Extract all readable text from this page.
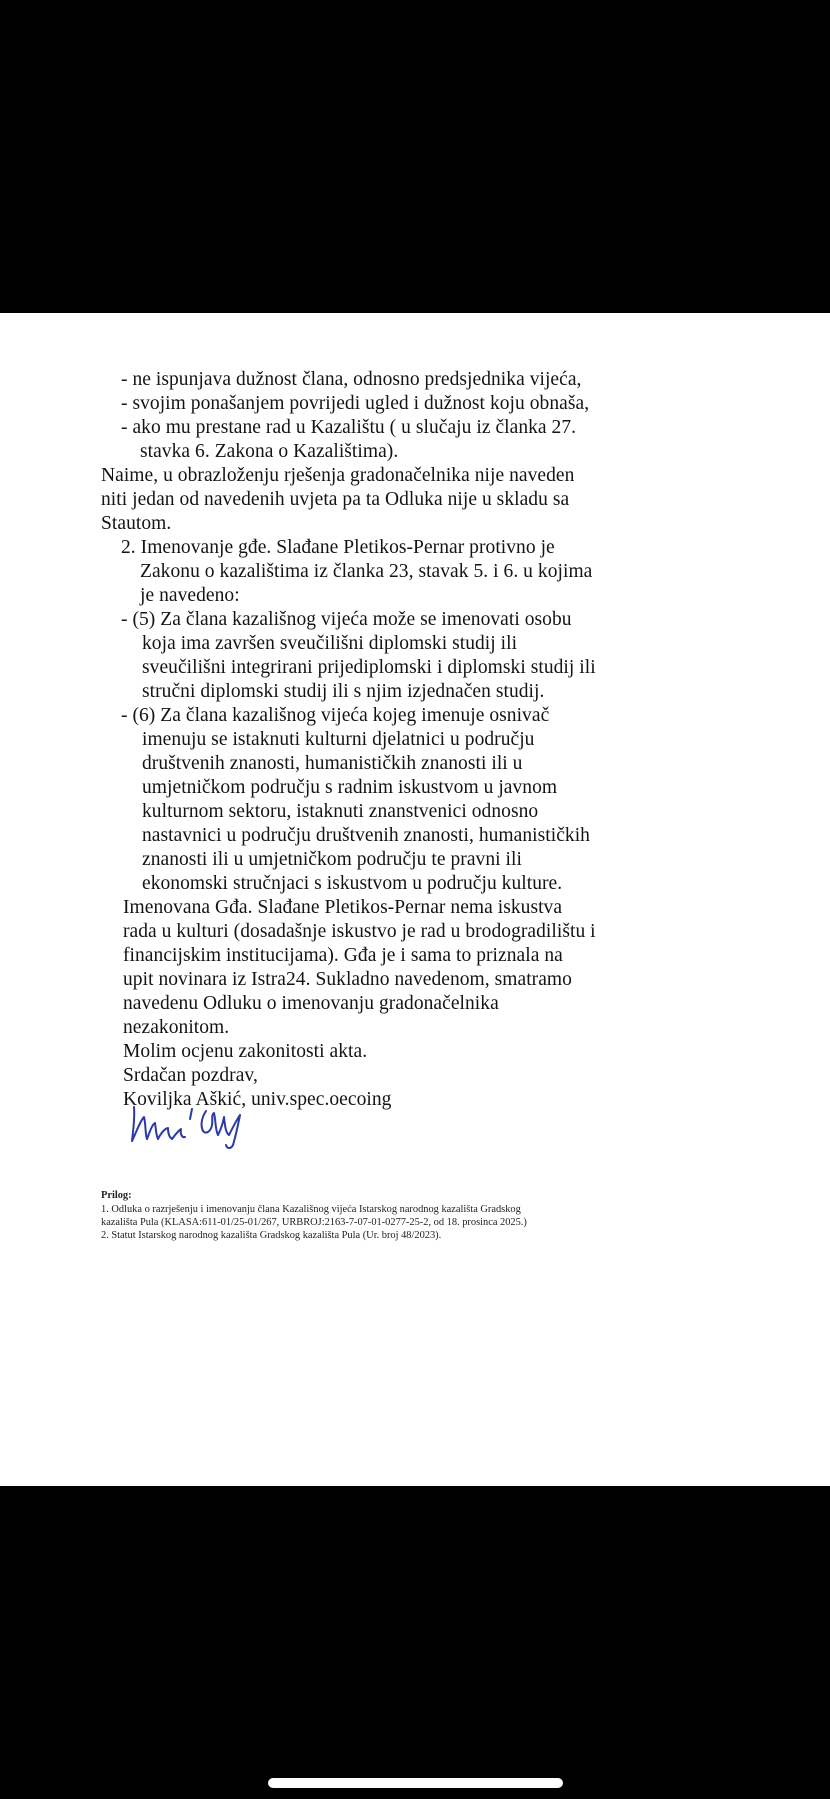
- ne ispunjava dužnost člana, odnosno predsjednika vijeća,
- svojim ponašanjem povrijedi ugled i dužnost koju obnaša,
- ako mu prestane rad u Kazalištu ( u slučaju iz članka 27.
stavka 6. Zakona o Kazalištima).
Naime, u obrazloženju rješenja gradonačelnika nije naveden
niti jedan od navedenih uvjeta pa ta Odluka nije u skladu sa
Stautom.
2. Imenovanje gđe. Slađane Pletikos-Pernar protivno je
Zakonu o kazalištima iz članka 23, stavak 5. i 6. u kojima
je navedeno:
- (5) Za člana kazališnog vijeća može se imenovati osobu
koja ima završen sveučilišni diplomski studij ili
sveučilišni integrirani prijediplomski i diplomski studij ili
stručni diplomski studij ili s njim izjednačen studij.
- (6) Za člana kazališnog vijeća kojeg imenuje osnivač
imenuju se istaknuti kulturni djelatnici u području
društvenih znanosti, humanističkih znanosti ili u
umjetničkom području s radnim iskustvom u javnom
kulturnom sektoru, istaknuti znanstvenici odnosno
nastavnici u području društvenih znanosti, humanističkih
znanosti ili u umjetničkom području te pravni ili
ekonomski stručnjaci s iskustvom u području kulture.
Imenovana Gđa. Slađane Pletikos-Pernar nema iskustva
rada u kulturi (dosadašnje iskustvo je rad u brodogradilištu i
financijskim institucijama). Gđa je i sama to priznala na
upit novinara iz Istra24. Sukladno navedenom, smatramo
navedenu Odluku o imenovanju gradonačelnika
nezakonitom.
Molim ocjenu zakonitosti akta.
Srdačan pozdrav,
Koviljka Aškić, univ.spec.oecoing
Prilog:
1. Odluka o razrješenju i imenovanju člana Kazališnog vijeća Istarskog narodnog kazališta Gradskog
kazališta Pula (KLASA:611-01/25-01/267, URBROJ:2163-7-07-01-0277-25-2, od 18. prosinca 2025.)
2. Statut Istarskog narodnog kazališta Gradskog kazališta Pula (Ur. broj 48/2023).
